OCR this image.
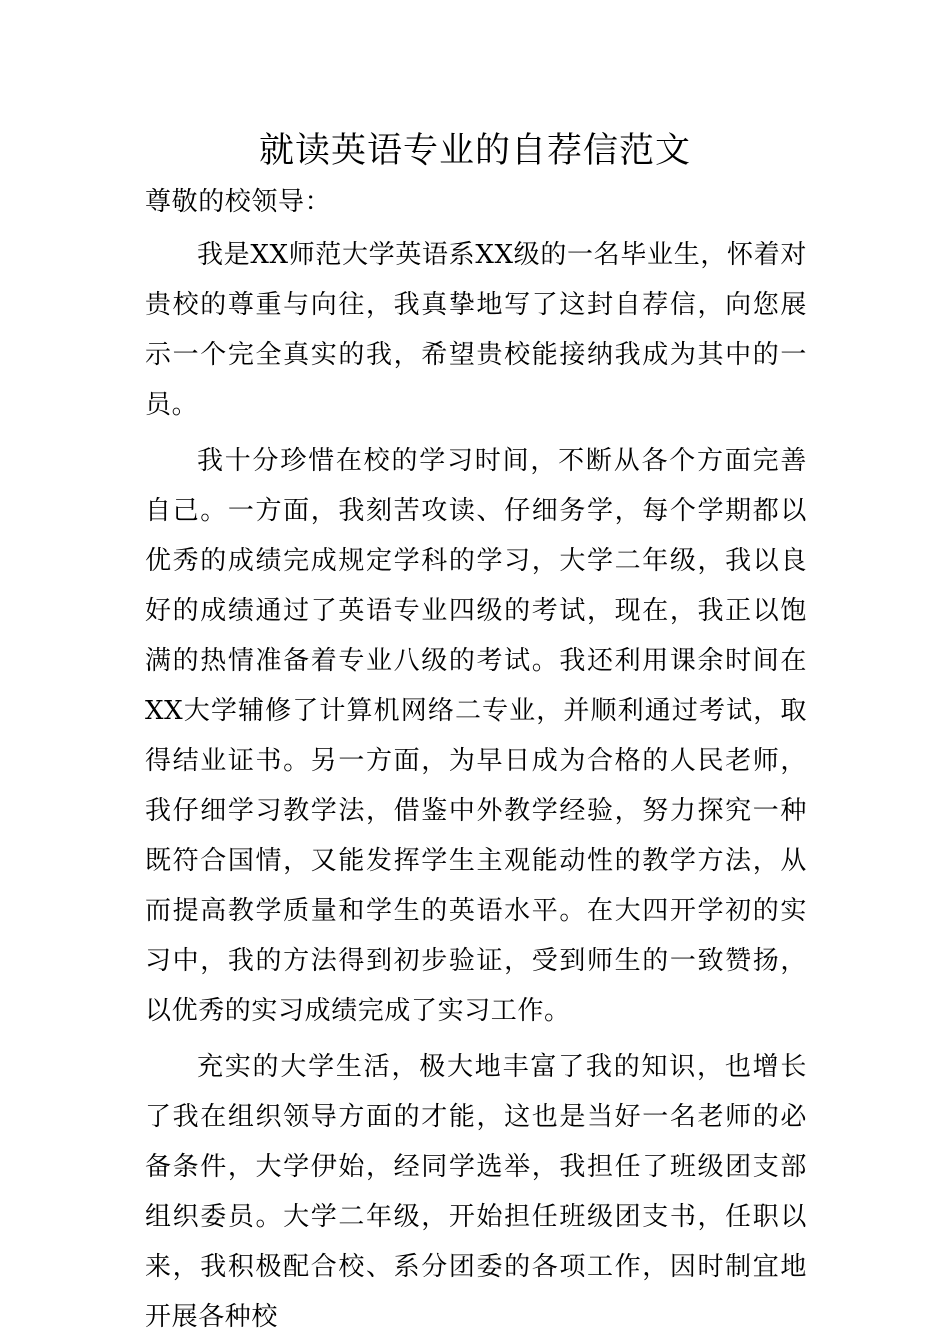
就读英语专业的自荐信范文

尊敬的校领导：

我是XX师范大学英语系XX级的一名毕业生，怀着对贵校的尊重与向往，我真挚地写了这封自荐信，向您展示一个完全真实的我，希望贵校能接纳我成为其中的一员。

我十分珍惜在校的学习时间，不断从各个方面完善自己。一方面，我刻苦攻读、仔细务学，每个学期都以优秀的成绩完成规定学科的学习，大学二年级，我以良好的成绩通过了英语专业四级的考试，现在，我正以饱满的热情准备着专业八级的考试。我还利用课余时间在XX大学辅修了计算机网络二专业，并顺利通过考试，取得结业证书。另一方面，为早日成为合格的人民老师，我仔细学习教学法，借鉴中外教学经验，努力探究一种既符合国情，又能发挥学生主观能动性的教学方法，从而提高教学质量和学生的英语水平。在大四开学初的实习中，我的方法得到初步验证，受到师生的一致赞扬，以优秀的实习成绩完成了实习工作。

充实的大学生活，极大地丰富了我的知识，也增长了我在组织领导方面的才能，这也是当好一名老师的必备条件，大学伊始，经同学选举，我担任了班级团支部组织委员。大学二年级，开始担任班级团支书，任职以来，我积极配合校、系分团委的各项工作，因时制宜地开展各种校
